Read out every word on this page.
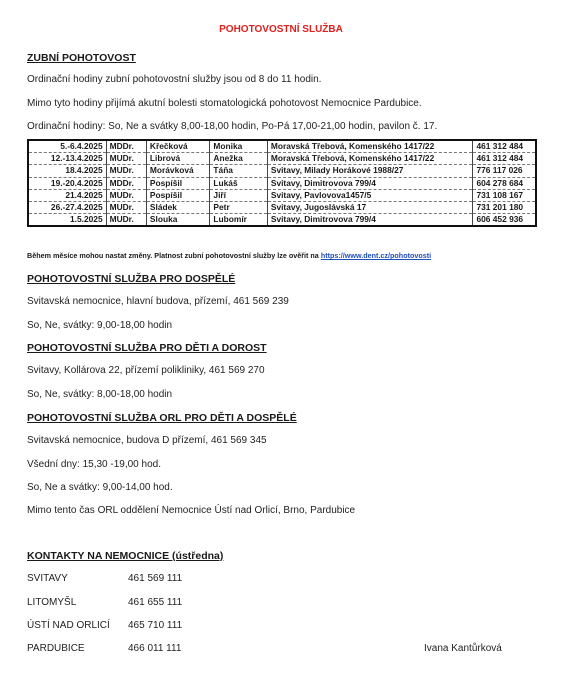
POHOTOVOSTNÍ SLUŽBA
ZUBNÍ POHOTOVOST
Ordinační hodiny zubní pohotovostní služby jsou od 8 do 11 hodin.
Mimo tyto hodiny přijímá akutní bolesti stomatologická pohotovost Nemocnice Pardubice.
Ordinační hodiny: So, Ne a svátky 8,00-18,00 hodin, Po-Pá 17,00-21,00 hodin, pavilon č. 17.
5.-6.4.2025	MDDr.	Křečková	Monika	Moravská Třebová, Komenského 1417/22	461 312 484
12.-13.4.2025	MUDr.	Librová	Anežka	Moravská Třebová, Komenského 1417/22	461 312 484
18.4.2025	MUDr.	Morávková	Táňa	Svitavy, Milady Horákové 1988/27	776 117 026
19.-20.4.2025	MDDr.	Pospíšil	Lukáš	Svitavy, Dimitrovova 799/4	604 278 684
21.4.2025	MUDr.	Pospíšil	Jiří	Svitavy, Pavlovova1457/5	731 108 167
26.-27.4.2025	MUDr.	Sládek	Petr	Svitavy, Jugoslávská 17	731 201 180
1.5.2025	MUDr.	Slouka	Lubomír	Svitavy, Dimitrovova 799/4	606 452 936
Během měsíce mohou nastat změny. Platnost zubní pohotovostní služby lze ověřit na https://www.dent.cz/pohotovosti
POHOTOVOSTNÍ SLUŽBA PRO DOSPĚLÉ
Svitavská nemocnice, hlavní budova, přízemí, 461 569 239
So, Ne, svátky: 9,00-18,00 hodin
POHOTOVOSTNÍ SLUŽBA PRO DĚTI A DOROST
Svitavy, Kollárova 22, přízemí polikliniky, 461 569 270
So, Ne, svátky: 8,00-18,00 hodin
POHOTOVOSTNÍ SLUŽBA ORL PRO DĚTI A DOSPĚLÉ
Svitavská nemocnice, budova D přízemí, 461 569 345
Všední dny: 15,30 -19,00 hod.
So, Ne a svátky: 9,00-14,00 hod.
Mimo tento čas ORL oddělení Nemocnice Ústí nad Orlicí, Brno, Pardubice
KONTAKTY NA NEMOCNICE (ústředna)
SVITAVY	461 569 111
LITOMYŠL	461 655 111
ÚSTÍ NAD ORLICÍ 465 710 111
PARDUBICE	466 011 111	Ivana Kantůrková
